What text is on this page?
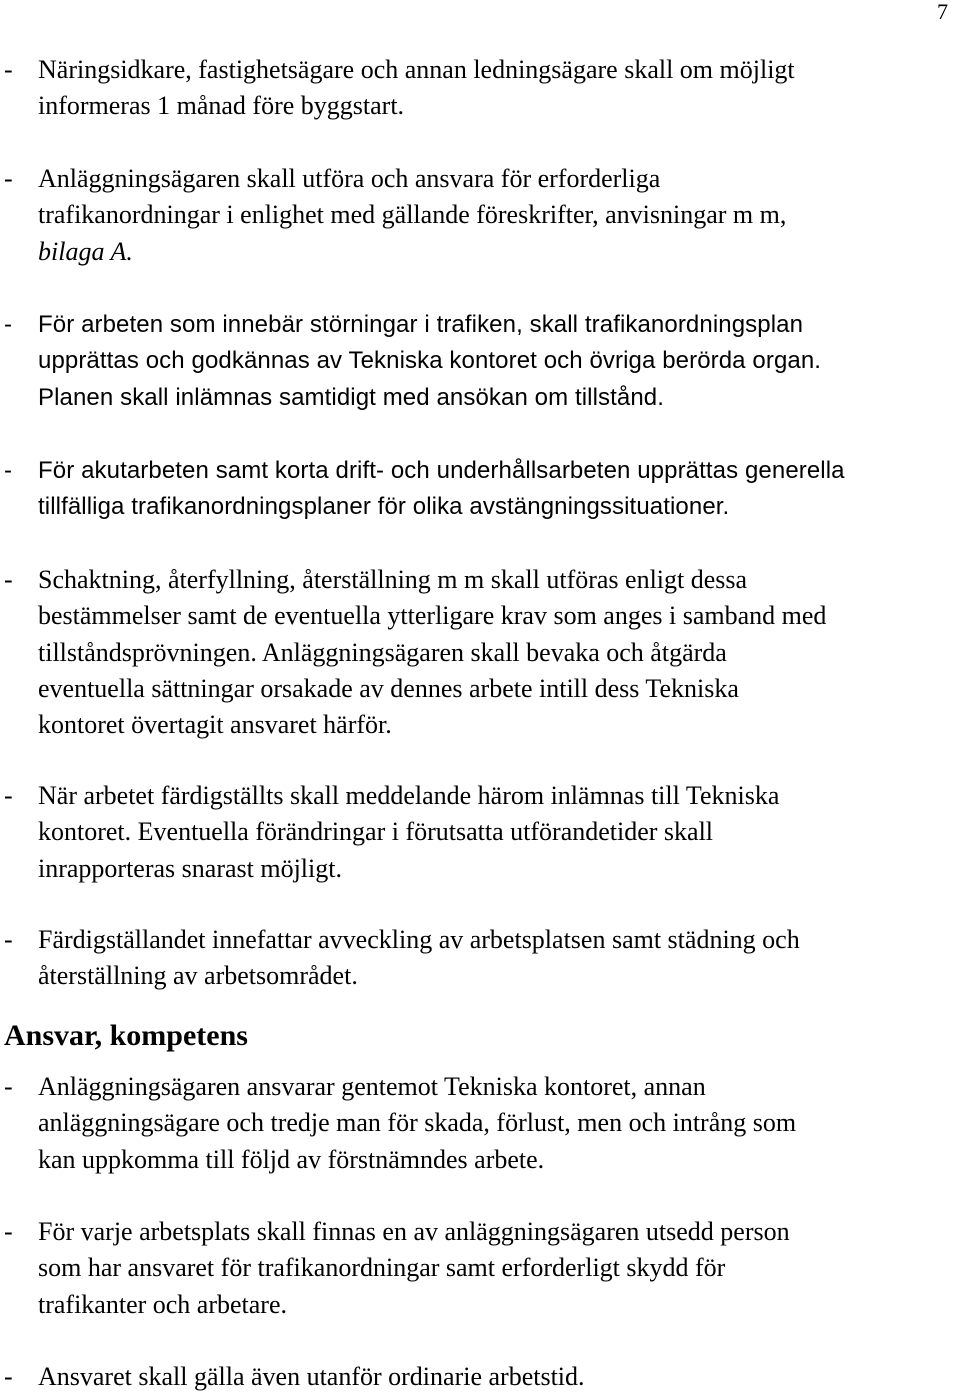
7
- Näringsidkare, fastighetsägare och annan ledningsägare skall om möjligt
informeras 1 månad före byggstart.
- Anläggningsägaren skall utföra och ansvara för erforderliga
trafikanordningar i enlighet med gällande föreskrifter, anvisningar m m,
bilaga A.
-	För arbeten som innebär störningar i trafiken, skall trafikanordningsplan
upprättas och godkännas av Tekniska kontoret och övriga berörda organ.
Planen skall inlämnas samtidigt med ansökan om tillstånd.
-	För akutarbeten samt korta drift- och underhållsarbeten upprättas generella
tillfälliga trafikanordningsplaner för olika avstängningssituationer.
- Schaktning, återfyllning, återställning m m skall utföras enligt dessa
bestämmelser samt de eventuella ytterligare krav som anges i samband med
tillståndsprövningen. Anläggningsägaren skall bevaka och åtgärda
eventuella sättningar orsakade av dennes arbete intill dess Tekniska
kontoret övertagit ansvaret härför.
- När arbetet färdigställts skall meddelande härom inlämnas till Tekniska
kontoret. Eventuella förändringar i förutsatta utförandetider skall
inrapporteras snarast möjligt.
- Färdigställandet innefattar avveckling av arbetsplatsen samt städning och
återställning av arbetsområdet.
Ansvar, kompetens
- Anläggningsägaren ansvarar gentemot Tekniska kontoret, annan
anläggningsägare och tredje man för skada, förlust, men och intrång som
kan uppkomma till följd av förstnämndes arbete.
- För varje arbetsplats skall finnas en av anläggningsägaren utsedd person
som har ansvaret för trafikanordningar samt erforderligt skydd för
trafikanter och arbetare.
- Ansvaret skall gälla även utanför ordinarie arbetstid.
